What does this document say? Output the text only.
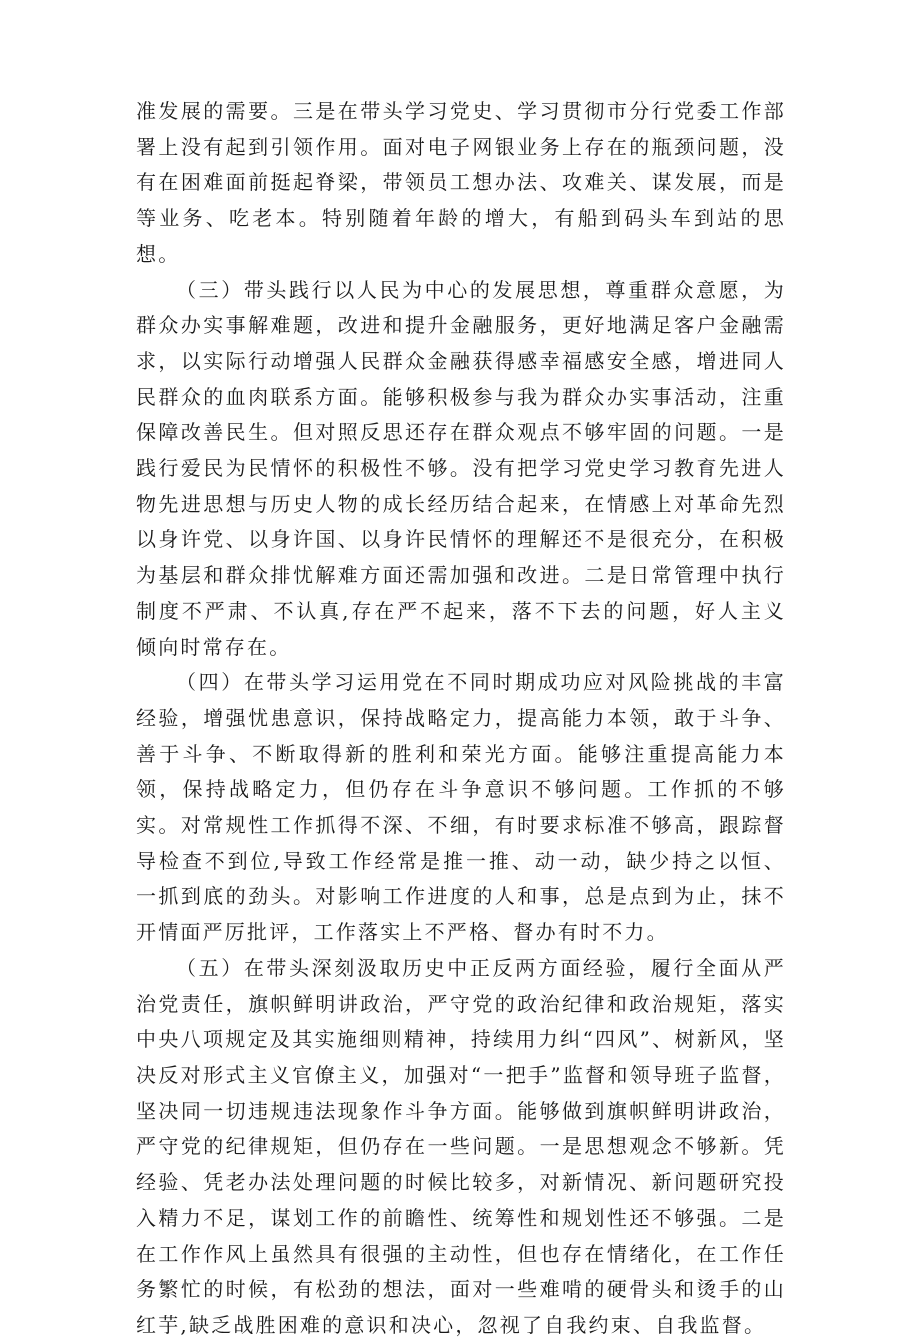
准发展的需要。三是在带头学习党史、学习贯彻市分行党委工作部署上没有起到引领作用。面对电子网银业务上存在的瓶颈问题，没有在困难面前挺起脊梁，带领员工想办法、攻难关、谋发展，而是等业务、吃老本。特别随着年龄的增大，有船到码头车到站的思想。

（三）带头践行以人民为中心的发展思想，尊重群众意愿，为群众办实事解难题，改进和提升金融服务，更好地满足客户金融需求，以实际行动增强人民群众金融获得感幸福感安全感，增进同人民群众的血肉联系方面。能够积极参与我为群众办实事活动，注重保障改善民生。但对照反思还存在群众观点不够牢固的问题。一是践行爱民为民情怀的积极性不够。没有把学习党史学习教育先进人物先进思想与历史人物的成长经历结合起来，在情感上对革命先烈以身许党、以身许国、以身许民情怀的理解还不是很充分，在积极为基层和群众排忧解难方面还需加强和改进。二是日常管理中执行制度不严肃、不认真,存在严不起来，落不下去的问题，好人主义倾向时常存在。

（四）在带头学习运用党在不同时期成功应对风险挑战的丰富经验，增强忧患意识，保持战略定力，提高能力本领，敢于斗争、善于斗争、不断取得新的胜利和荣光方面。能够注重提高能力本领，保持战略定力，但仍存在斗争意识不够问题。工作抓的不够实。对常规性工作抓得不深、不细，有时要求标准不够高，跟踪督导检查不到位,导致工作经常是推一推、动一动，缺少持之以恒、一抓到底的劲头。对影响工作进度的人和事，总是点到为止，抹不开情面严厉批评，工作落实上不严格、督办有时不力。

（五）在带头深刻汲取历史中正反两方面经验，履行全面从严治党责任，旗帜鲜明讲政治，严守党的政治纪律和政治规矩，落实中央八项规定及其实施细则精神，持续用力纠“四风”、树新风，坚决反对形式主义官僚主义，加强对“一把手”监督和领导班子监督，坚决同一切违规违法现象作斗争方面。能够做到旗帜鲜明讲政治，严守党的纪律规矩，但仍存在一些问题。一是思想观念不够新。凭经验、凭老办法处理问题的时候比较多，对新情况、新问题研究投入精力不足，谋划工作的前瞻性、统筹性和规划性还不够强。二是在工作作风上虽然具有很强的主动性，但也存在情绪化，在工作任务繁忙的时候，有松劲的想法，面对一些难啃的硬骨头和烫手的山红芋,缺乏战胜困难的意识和决心，忽视了自我约束、自我监督。
